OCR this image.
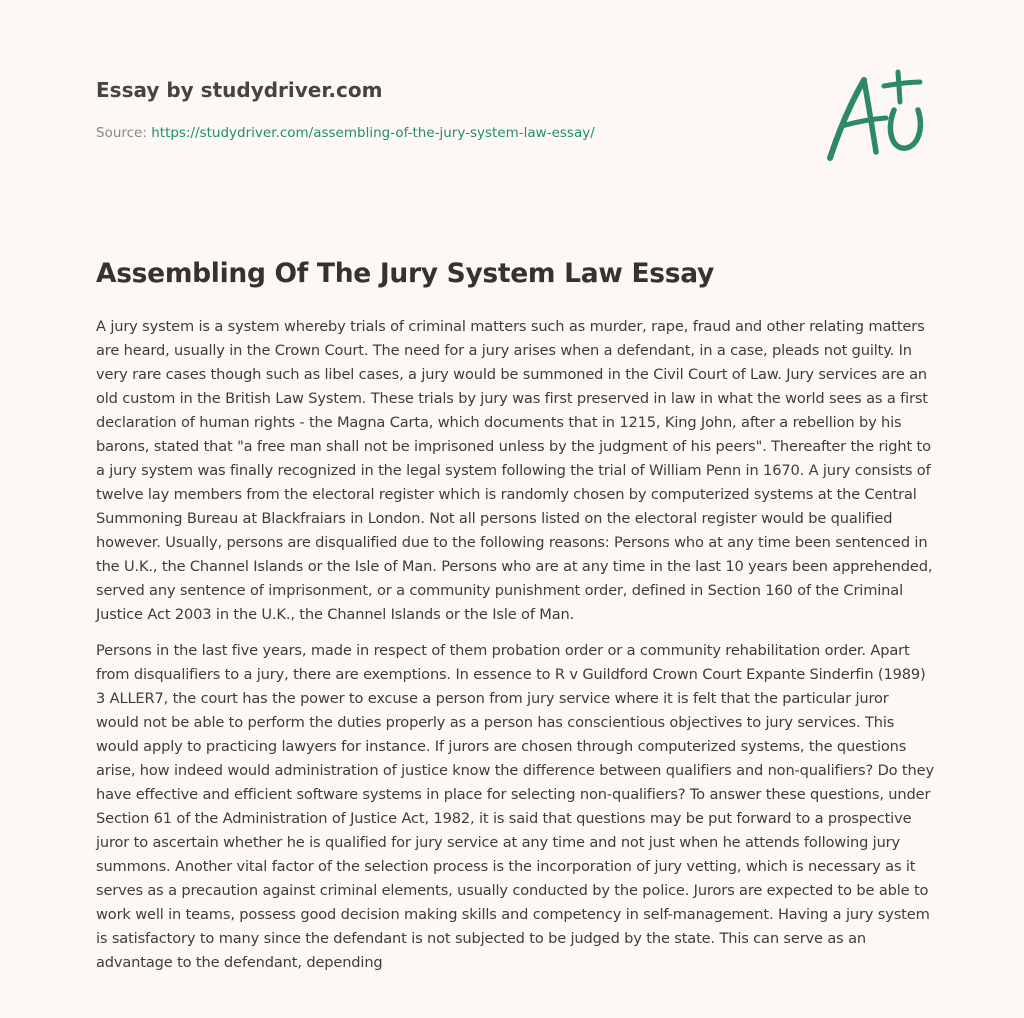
Essay by studydriver.com
Source: https://studydriver.com/assembling-of-the-jury-system-law-essay/
Assembling Of The Jury System Law Essay

A jury system is a system whereby trials of criminal matters such as murder, rape, fraud and other relating matters are heard, usually in the Crown Court. The need for a jury arises when a defendant, in a case, pleads not guilty. In very rare cases though such as libel cases, a jury would be summoned in the Civil Court of Law. Jury services are an old custom in the British Law System. These trials by jury was first preserved in law in what the world sees as a first declaration of human rights - the Magna Carta, which documents that in 1215, King John, after a rebellion by his barons, stated that "a free man shall not be imprisoned unless by the judgment of his peers". Thereafter the right to a jury system was finally recognized in the legal system following the trial of William Penn in 1670. A jury consists of twelve lay members from the electoral register which is randomly chosen by computerized systems at the Central Summoning Bureau at Blackfraiars in London. Not all persons listed on the electoral register would be qualified however. Usually, persons are disqualified due to the following reasons: Persons who at any time been sentenced in the U.K., the Channel Islands or the Isle of Man. Persons who are at any time in the last 10 years been apprehended, served any sentence of imprisonment, or a community punishment order, defined in Section 160 of the Criminal Justice Act 2003 in the U.K., the Channel Islands or the Isle of Man.

Persons in the last five years, made in respect of them probation order or a community rehabilitation order. Apart from disqualifiers to a jury, there are exemptions. In essence to R v Guildford Crown Court Expante Sinderfin (1989) 3 ALLER7, the court has the power to excuse a person from jury service where it is felt that the particular juror would not be able to perform the duties properly as a person has conscientious objectives to jury services. This would apply to practicing lawyers for instance. If jurors are chosen through computerized systems, the questions arise, how indeed would administration of justice know the difference between qualifiers and non-qualifiers? Do they have effective and efficient software systems in place for selecting non-qualifiers? To answer these questions, under Section 61 of the Administration of Justice Act, 1982, it is said that questions may be put forward to a prospective juror to ascertain whether he is qualified for jury service at any time and not just when he attends following jury summons. Another vital factor of the selection process is the incorporation of jury vetting, which is necessary as it serves as a precaution against criminal elements, usually conducted by the police. Jurors are expected to be able to work well in teams, possess good decision making skills and competency in self-management. Having a jury system is satisfactory to many since the defendant is not subjected to be judged by the state. This can serve as an advantage to the defendant, depending
